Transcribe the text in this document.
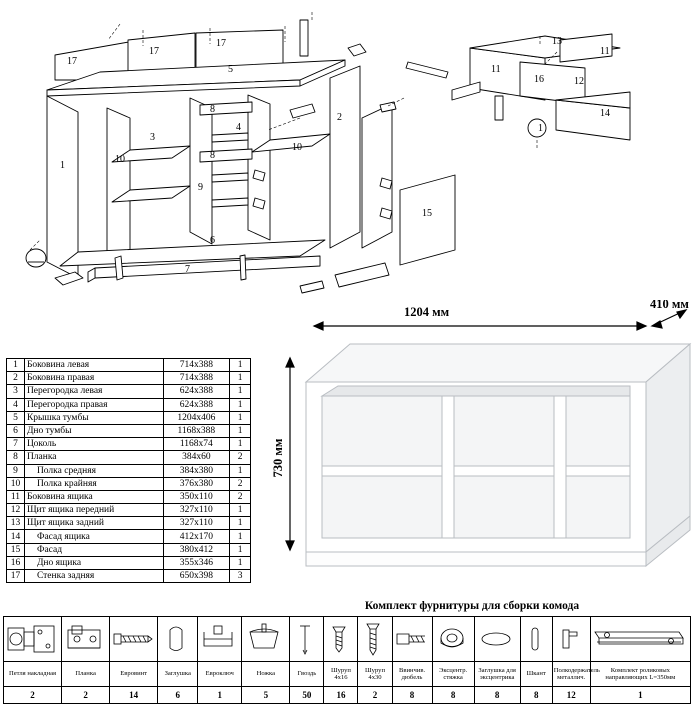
17
17
17
5
1
3
10
10
8
8
4
2
9
6
7
15
13
11
11
16	12
14
1
1	Боковина левая	714х388	1
2	Боковина правая	714х388	1
3	Перегородка левая	624х388	1
4	Перегородка правая	624х388	1
5	Крышка тумбы	1204х406	1
6	Дно тумбы	1168х388	1
7	Цоколь	1168х74	1
8	Планка	384х60	2
9	Полка средняя	384х380	1
10	Полка крайняя	376х380	2
11	Боковина ящика	350х110	2
12	Щит ящика передний	327х110	1
13	Щит ящика задний	327х110	1
14	Фасад ящика	412х170	1
15	Фасад	380х412	1
16	Дно ящика	355х346	1
17	Стенка задняя	650х398	3
1204 мм
410 мм
730 мм
Комплект фурнитуры для сборки комода

Петля накладная	Планка	Евровинт	Заглушка	Евроключ	Ножка	Гвоздь	Шуруп 4х16	Шуруп 4х30	Ввинчив. дюбель	Эксцентр. стяжка	Заглушка для эксцентрика	Шкант	Полкодержатель металлич.	Комплект роликовых направляющих L=350мм
2	2	14	6	1	5	50	16	2	8	8	8	8	12	1
